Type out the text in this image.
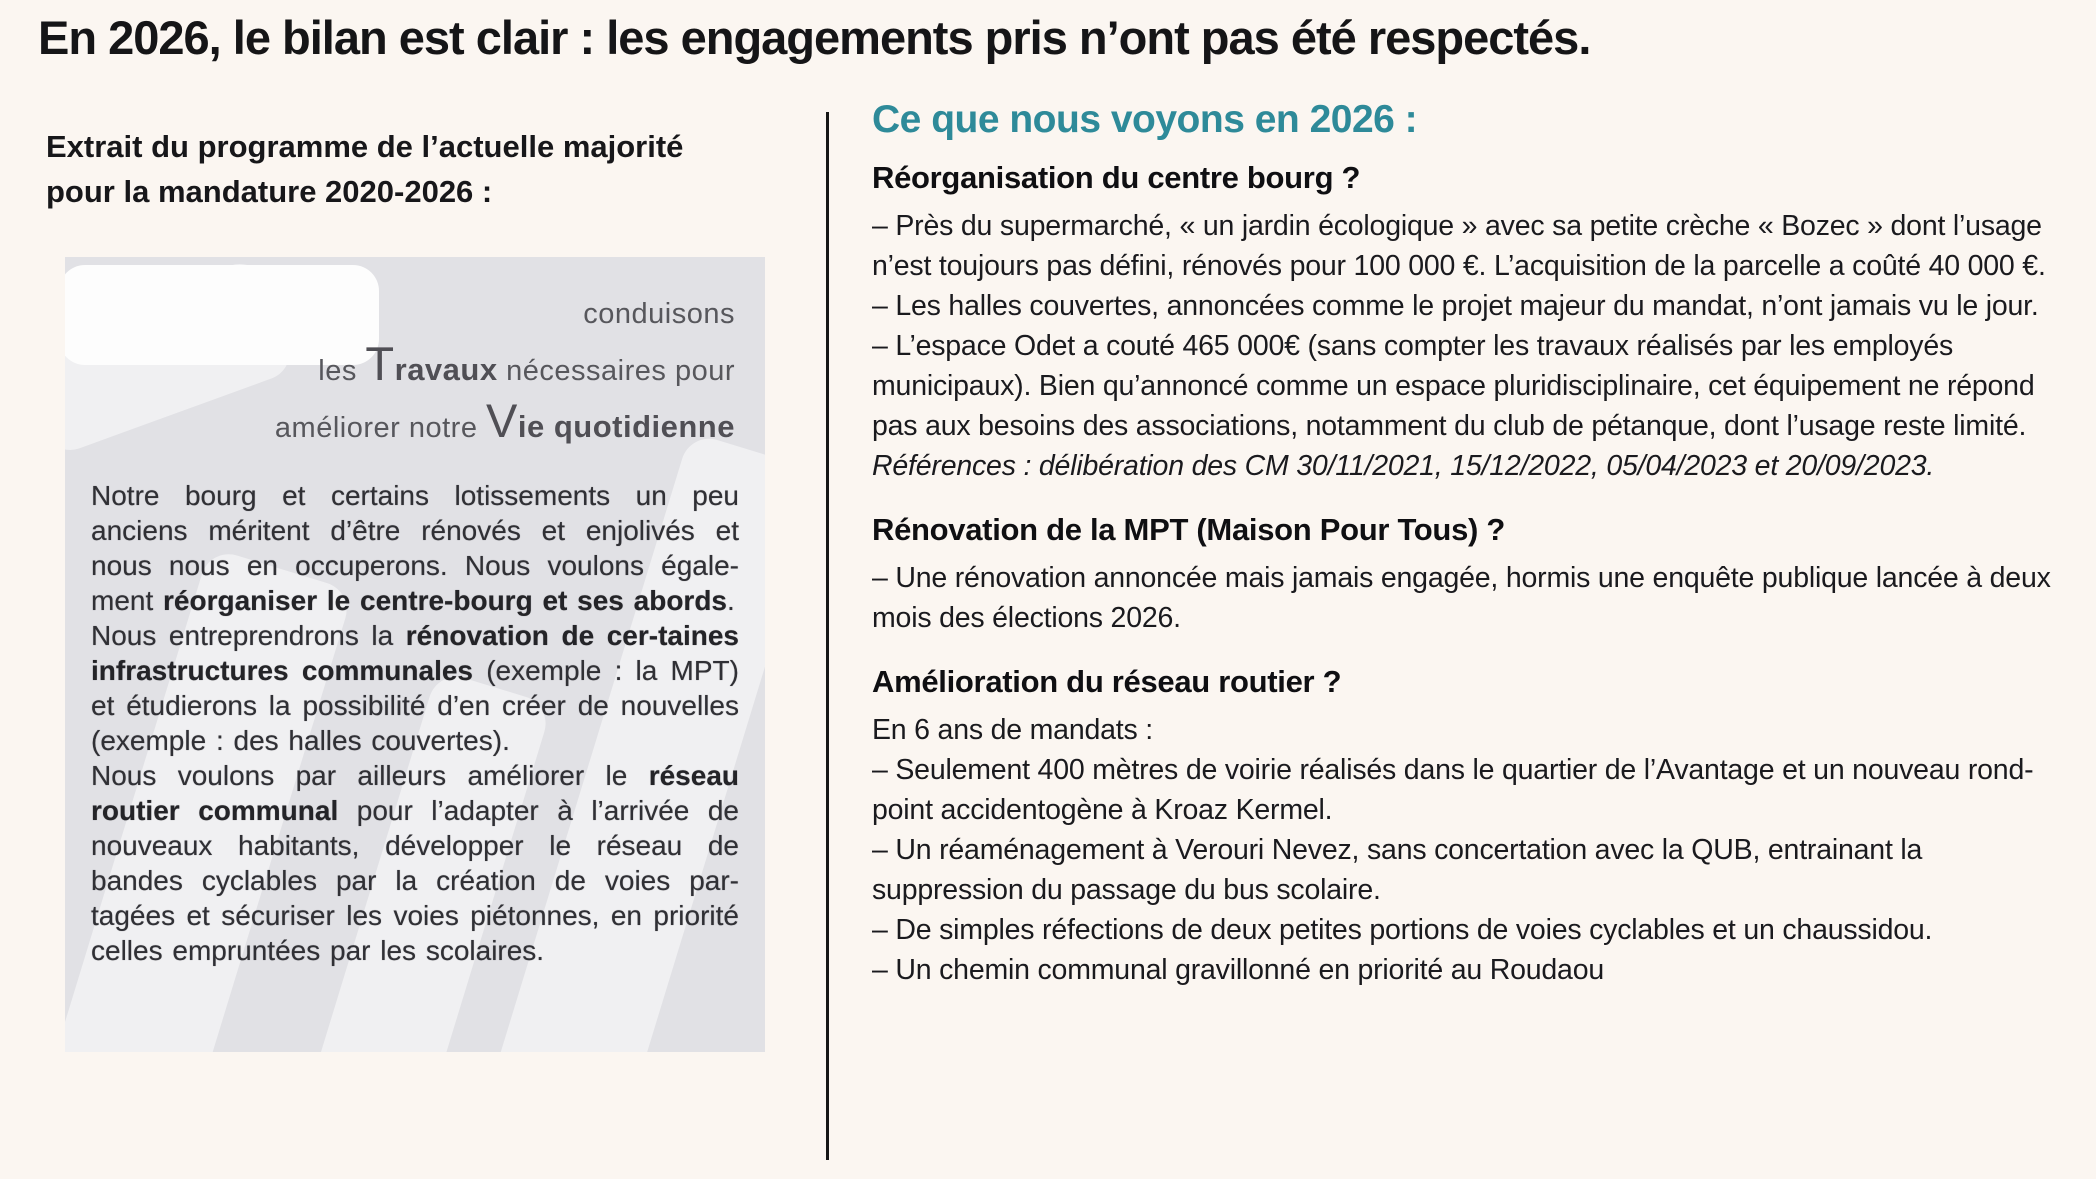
En 2026, le bilan est clair : les engagements pris n’ont pas été respectés.

Extrait du programme de l’actuelle majorité pour la mandature 2020-2026 :

conduisons
les Travaux nécessaires pour
améliorer notre Vie quotidienne

Notre bourg et certains lotissements un peu anciens méritent d’être rénovés et enjolivés et nous nous en occuperons. Nous voulons égale-ment réorganiser le centre-bourg et ses abords.

Nous entreprendrons la rénovation de cer-taines infrastructures communales (exemple : la MPT) et étudierons la possibilité d’en créer de nouvelles (exemple : des halles couvertes).

Nous voulons par ailleurs améliorer le réseau routier communal pour l’adapter à l’arrivée de nouveaux habitants, développer le réseau de bandes cyclables par la création de voies par-tagées et sécuriser les voies piétonnes, en priorité celles empruntées par les scolaires.

Ce que nous voyons en 2026 :
Réorganisation du centre bourg ?

– Près du supermarché, « un jardin écologique » avec sa petite crèche « Bozec » dont l’usage n’est toujours pas défini, rénovés pour 100 000 €. L’acquisition de la parcelle a coûté 40 000 €.

– Les halles couvertes, annoncées comme le projet majeur du mandat, n’ont jamais vu le jour.

– L’espace Odet a couté 465 000€ (sans compter les travaux réalisés par les employés municipaux). Bien qu’annoncé comme un espace pluridisciplinaire, cet équipement ne répond pas aux besoins des associations, notamment du club de pétanque, dont l’usage reste limité.

Références : délibération des CM 30/11/2021, 15/12/2022, 05/04/2023 et 20/09/2023.

Rénovation de la MPT (Maison Pour Tous) ?

– Une rénovation annoncée mais jamais engagée, hormis une enquête publique lancée à deux mois des élections 2026.

Amélioration du réseau routier ?

En 6 ans de mandats :

– Seulement 400 mètres de voirie réalisés dans le quartier de l’Avantage et un nouveau rond-point accidentogène à Kroaz Kermel.

– Un réaménagement à Verouri Nevez, sans concertation avec la QUB, entrainant la suppression du passage du bus scolaire.

– De simples réfections de deux petites portions de voies cyclables et un chaussidou.

– Un chemin communal gravillonné en priorité au Roudaou
